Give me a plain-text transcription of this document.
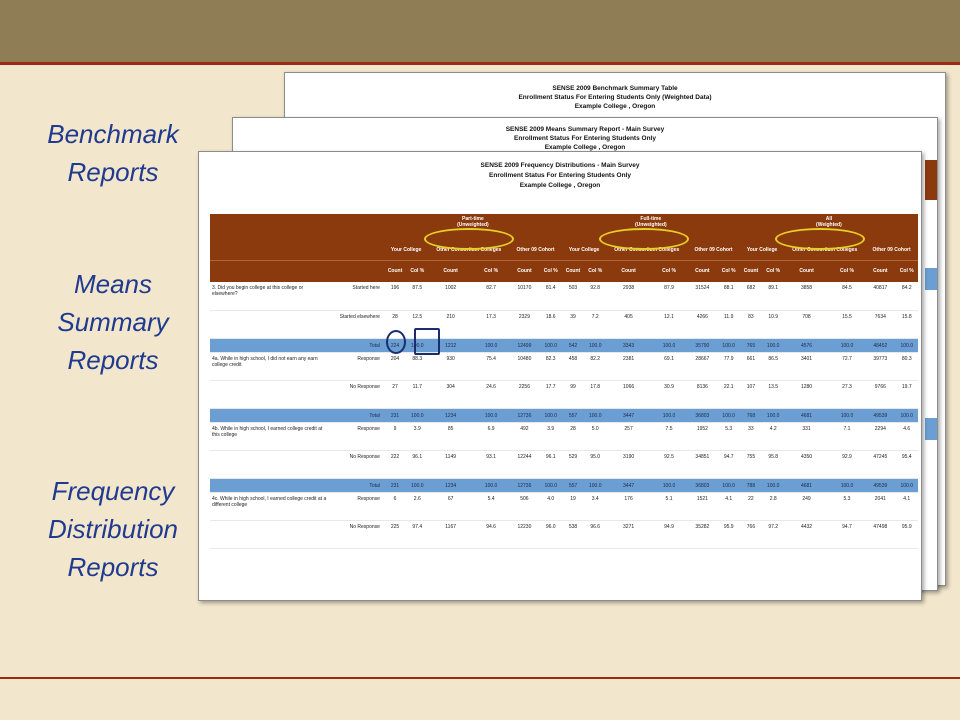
Benchmark
Reports
Means
Summary
Reports
Frequency
Distribution
Reports
SENSE 2009 Benchmark Summary Table
Enrollment Status For Entering Students Only (Weighted Data)
Example College , Oregon
SENSE 2009 Means Summary Report - Main Survey
Enrollment Status For Entering Students Only
Example College , Oregon
SENSE 2009 Frequency Distributions - Main Survey
Enrollment Status For Entering Students Only
Example College , Oregon
		Part-time
(Unweighted)						Full-time
(Unweighted)						All
(Weighted)					
		Your College		Other Consortium Colleges		Other 09 Cohort		Your College		Other Consortium Colleges		Other 09 Cohort		Your College		Other Consortium Colleges		Other 09 Cohort	
		Count	Col %	Count	Col %	Count	Col %	Count	Col %	Count	Col %	Count	Col %	Count	Col %	Count	Col %	Count	Col %
3. Did you begin college at this college or elsewhere?	Started here	196	87.5	1002	82.7	10170	81.4	503	92.8	2938	87.9	31524	88.1	682	89.1	3858	84.5	40817	84.2
	Started elsewhere	28	12.5	210	17.3	2329	18.6	39	7.2	405	12.1	4266	11.9	83	10.9	708	15.5	7634	15.8
	Total	224	100.0	1212	100.0	12499	100.0	542	100.0	3343	100.0	35790	100.0	765	100.0	4576	100.0	48452	100.0
4a. While in high school, I did not earn any earn college credit	Response	204	88.3	930	75.4	10480	82.3	458	82.2	2381	69.1	28667	77.9	661	86.5	3401	72.7	39773	80.3
	No Response	27	11.7	304	24.6	2256	17.7	99	17.8	1066	30.9	8136	22.1	107	13.5	1280	27.3	9766	19.7
	Total	231	100.0	1234	100.0	12736	100.0	557	100.0	3447	100.0	36803	100.0	768	100.0	4681	100.0	49539	100.0
4b. While in high school, I earned college credit at this college	Response	9	3.9	85	6.9	492	3.9	28	5.0	257	7.5	1952	5.3	33	4.2	331	7.1	2294	4.6
	No Response	222	96.1	1149	93.1	12244	96.1	529	95.0	3190	92.5	34851	94.7	755	95.8	4350	92.9	47245	95.4
	Total	231	100.0	1234	100.0	12736	100.0	557	100.0	3447	100.0	36803	100.0	788	100.0	4681	100.0	49539	100.0
4c. While in high school, I earned college credit at a different college	Response	6	2.6	67	5.4	506	4.0	19	3.4	176	5.1	1521	4.1	22	2.8	249	5.3	2041	4.1
	No Response	225	97.4	1167	94.6	12230	96.0	538	96.6	3271	94.9	35282	95.9	766	97.2	4432	94.7	47498	95.9
